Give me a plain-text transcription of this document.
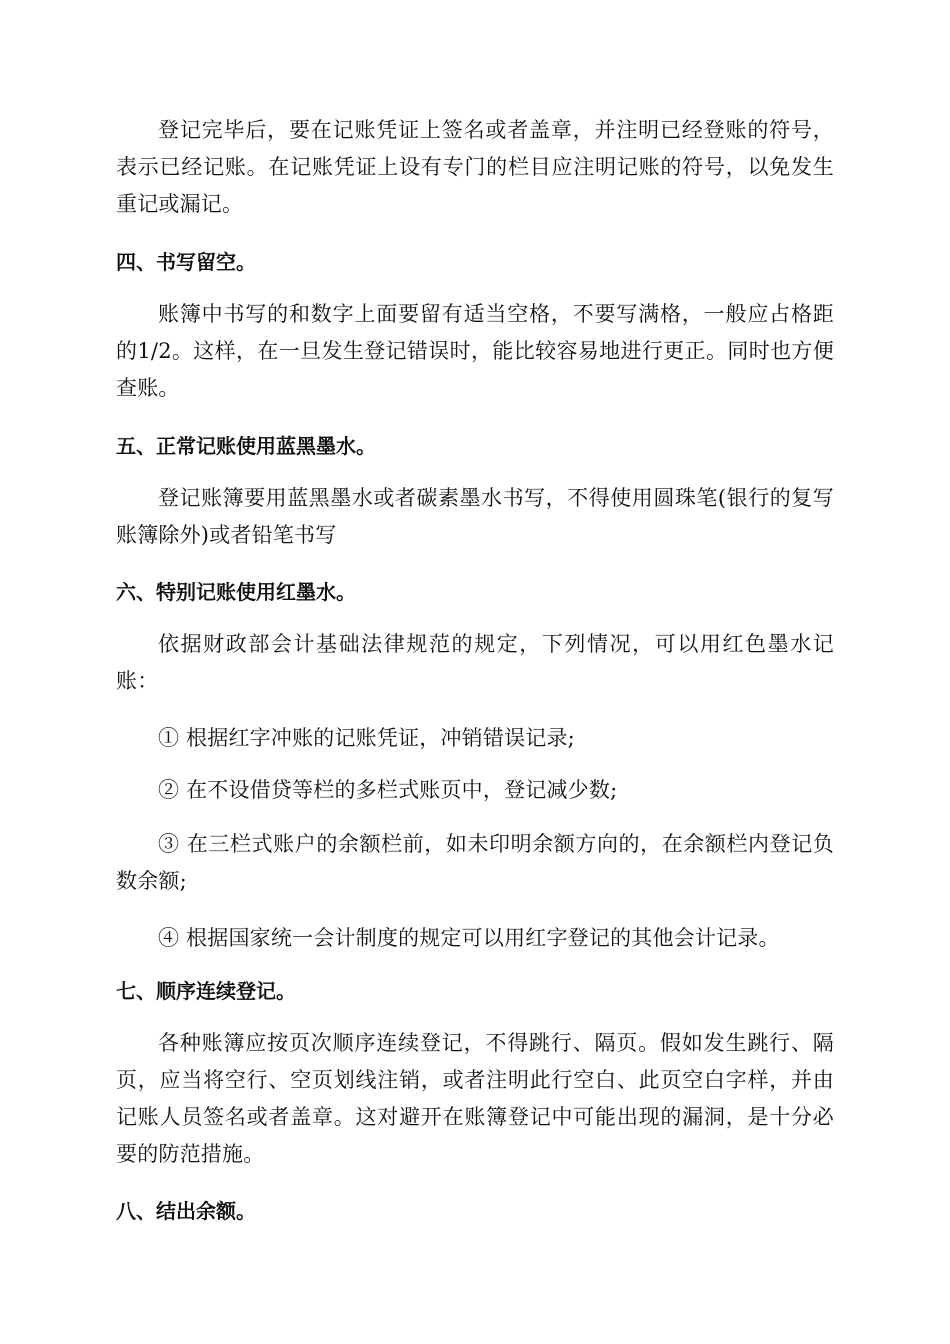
登记完毕后，要在记账凭证上签名或者盖章，并注明已经登账的符号，表示已经记账。在记账凭证上设有专门的栏目应注明记账的符号，以免发生重记或漏记。

四、书写留空。

账簿中书写的和数字上面要留有适当空格，不要写满格，一般应占格距的1/2。这样，在一旦发生登记错误时，能比较容易地进行更正。同时也方便查账。

五、正常记账使用蓝黑墨水。

登记账簿要用蓝黑墨水或者碳素墨水书写，不得使用圆珠笔(银行的复写账簿除外)或者铅笔书写

六、特别记账使用红墨水。

依据财政部会计基础法律规范的规定，下列情况，可以用红色墨水记账：

① 根据红字冲账的记账凭证，冲销错误记录;

② 在不设借贷等栏的多栏式账页中，登记减少数;

③ 在三栏式账户的余额栏前，如未印明余额方向的，在余额栏内登记负数余额;

④ 根据国家统一会计制度的规定可以用红字登记的其他会计记录。

七、顺序连续登记。

各种账簿应按页次顺序连续登记，不得跳行、隔页。假如发生跳行、隔页，应当将空行、空页划线注销，或者注明此行空白、此页空白字样，并由记账人员签名或者盖章。这对避开在账簿登记中可能出现的漏洞，是十分必要的防范措施。

八、结出余额。
